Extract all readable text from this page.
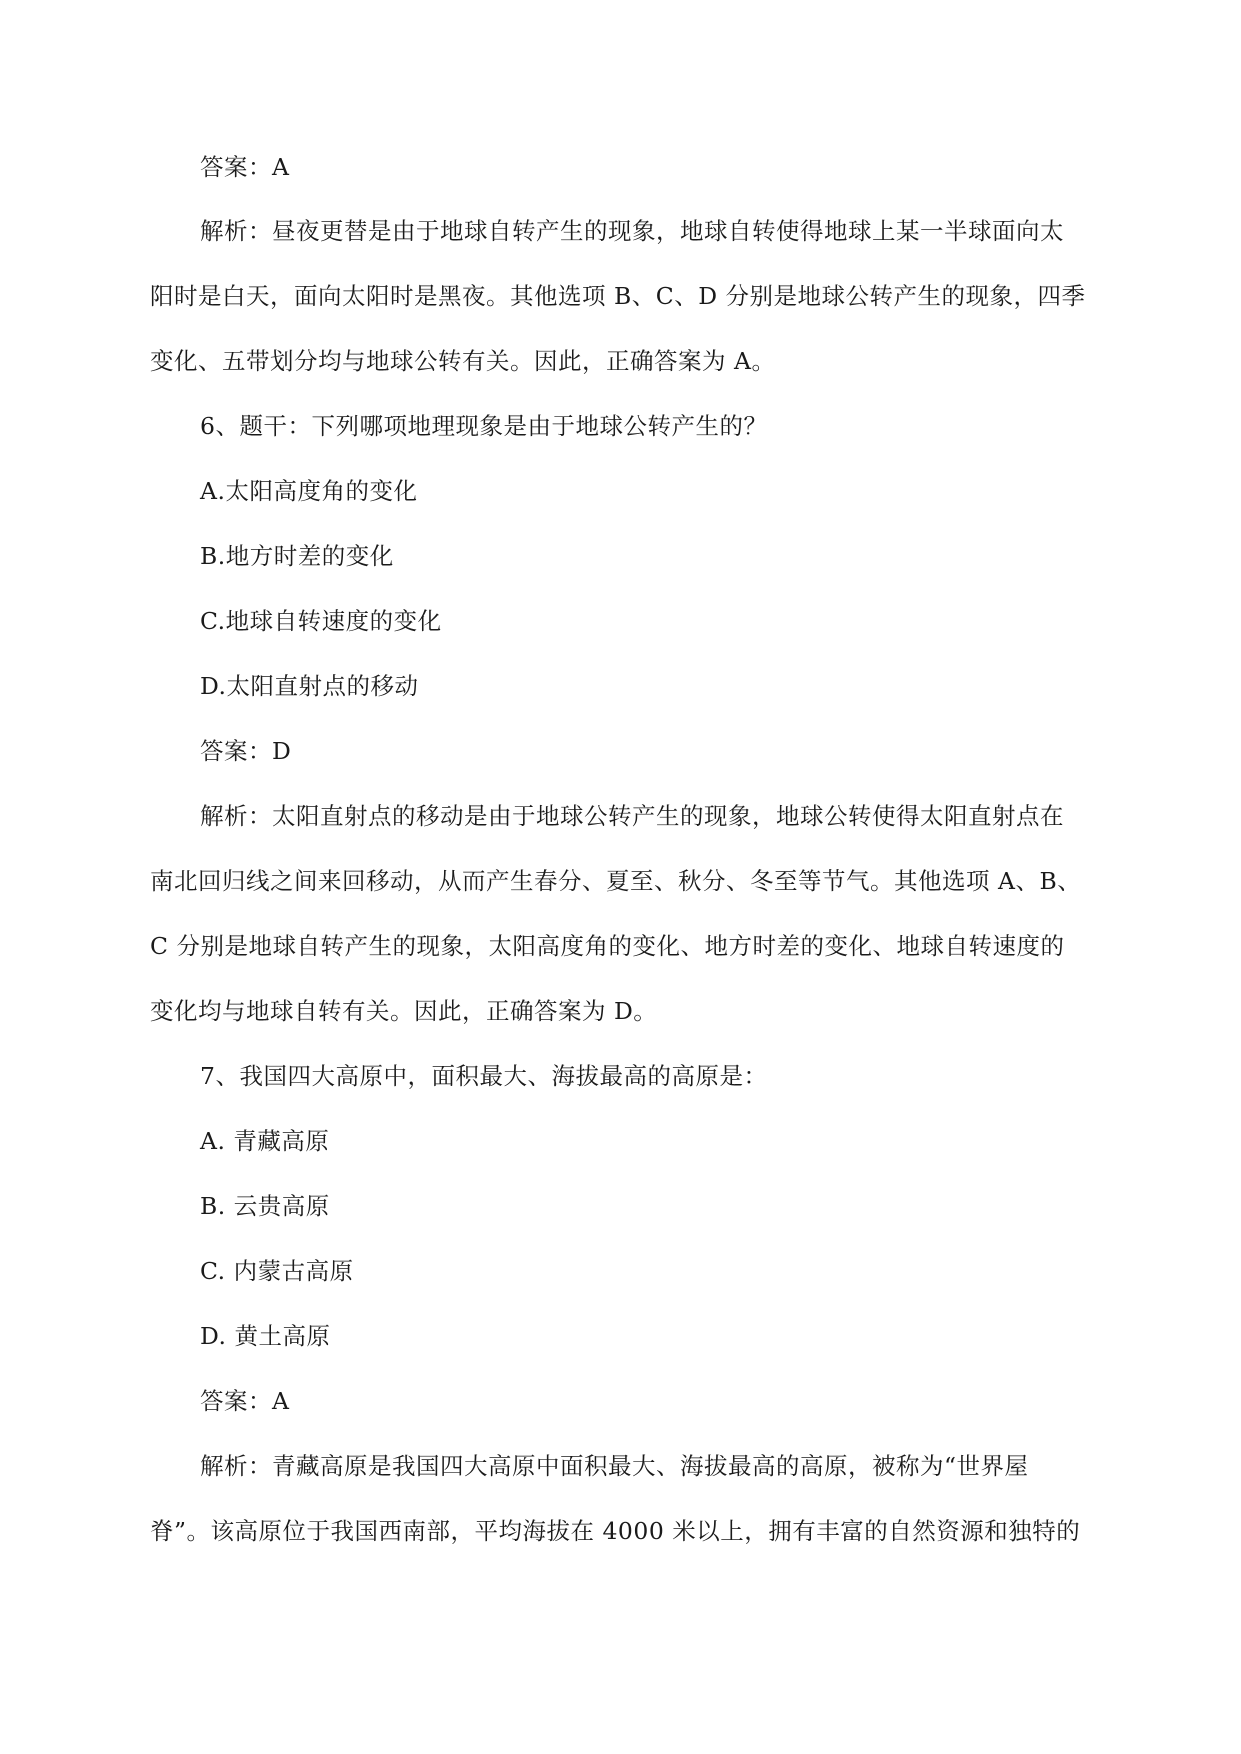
答案：A
解析：昼夜更替是由于地球自转产生的现象，地球自转使得地球上某一半球面向太
阳时是白天，面向太阳时是黑夜。其他选项 B、C、D 分别是地球公转产生的现象，四季
变化、五带划分均与地球公转有关。因此，正确答案为 A。
6、题干：下列哪项地理现象是由于地球公转产生的？
A.太阳高度角的变化
B.地方时差的变化
C.地球自转速度的变化
D.太阳直射点的移动
答案：D
解析：太阳直射点的移动是由于地球公转产生的现象，地球公转使得太阳直射点在
南北回归线之间来回移动，从而产生春分、夏至、秋分、冬至等节气。其他选项 A、B、
C 分别是地球自转产生的现象，太阳高度角的变化、地方时差的变化、地球自转速度的
变化均与地球自转有关。因此，正确答案为 D。
7、我国四大高原中，面积最大、海拔最高的高原是：
A. 青藏高原
B. 云贵高原
C. 内蒙古高原
D. 黄土高原
答案：A
解析：青藏高原是我国四大高原中面积最大、海拔最高的高原，被称为“世界屋
脊”。该高原位于我国西南部，平均海拔在 4000 米以上，拥有丰富的自然资源和独特的
